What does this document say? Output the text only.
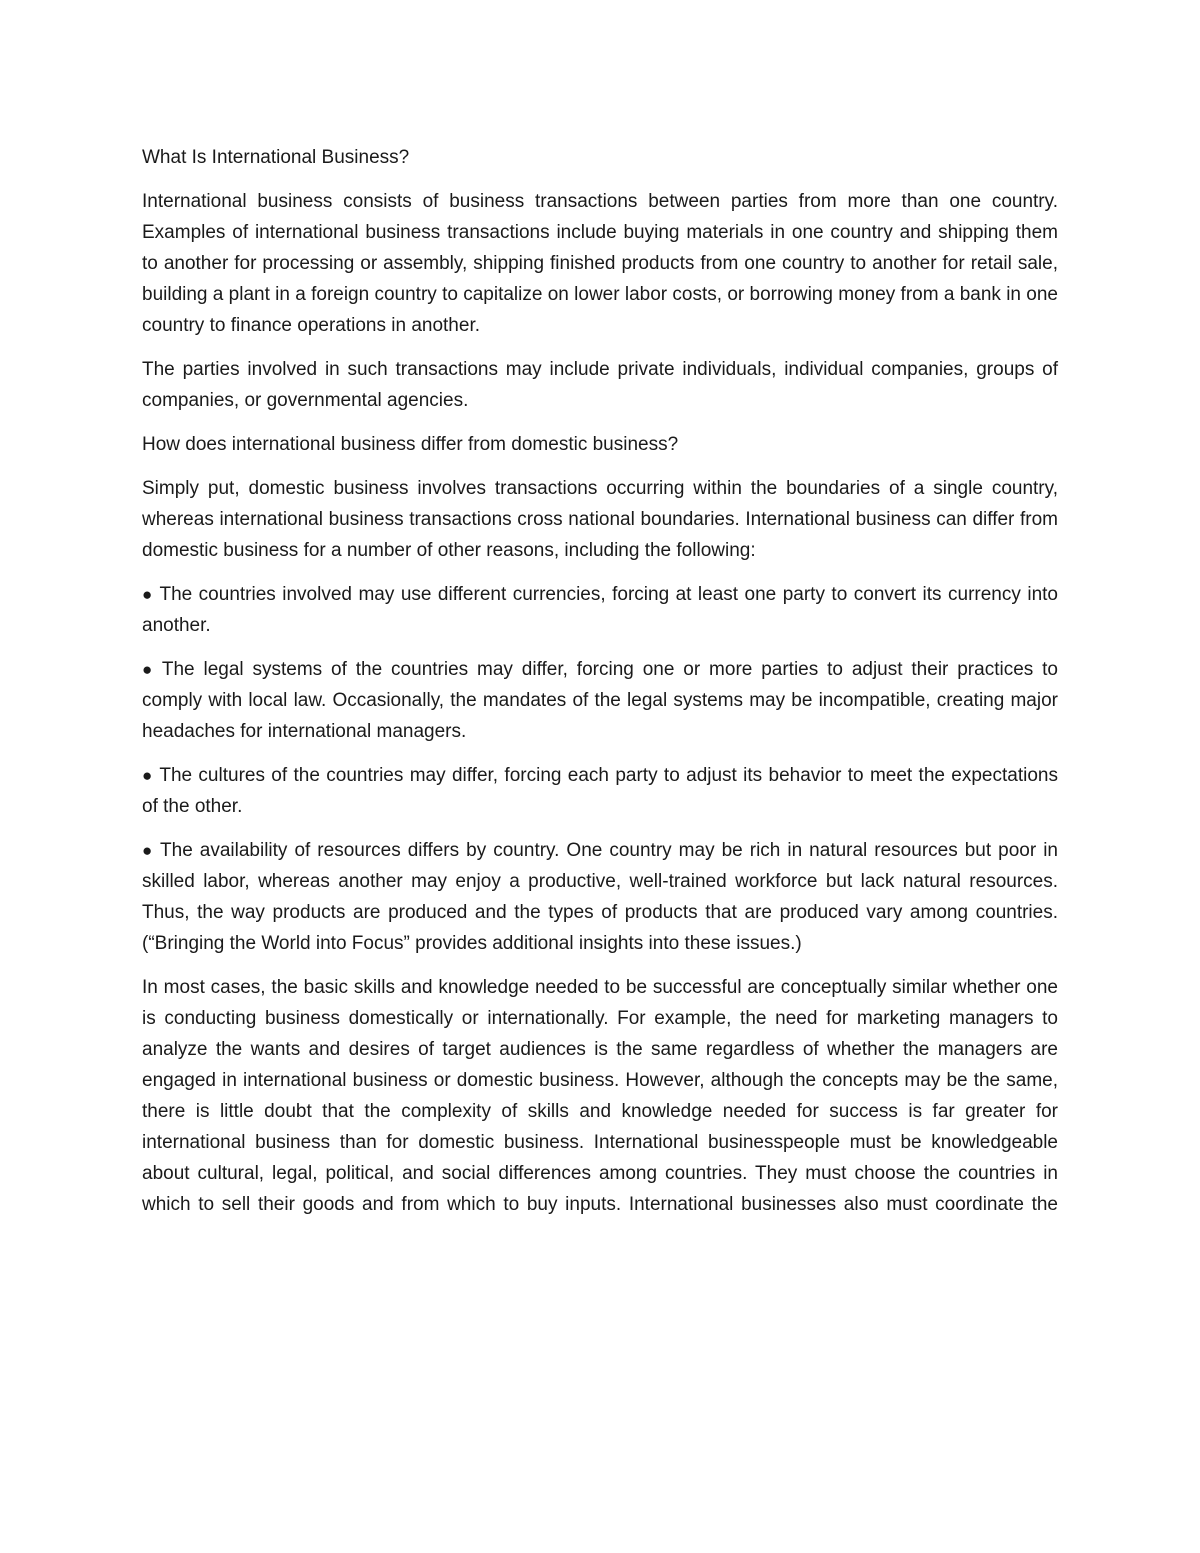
What Is International Business?

International business consists of business transactions between parties from more than one country. Examples of international business transactions include buying materials in one country and shipping them to another for processing or assembly, shipping finished products from one country to another for retail sale, building a plant in a foreign country to capitalize on lower labor costs, or borrowing money from a bank in one country to finance operations in another.

The parties involved in such transactions may include private individuals, individual companies, groups of companies, or governmental agencies.

How does international business differ from domestic business?

Simply put, domestic business involves transactions occurring within the boundaries of a single country, whereas international business transactions cross national boundaries. International business can differ from domestic business for a number of other reasons, including the following:

● The countries involved may use different currencies, forcing at least one party to convert its currency into another.

● The legal systems of the countries may differ, forcing one or more parties to adjust their practices to comply with local law. Occasionally, the mandates of the legal systems may be incompatible, creating major headaches for international managers.

● The cultures of the countries may differ, forcing each party to adjust its behavior to meet the expectations of the other.

● The availability of resources differs by country. One country may be rich in natural resources but poor in skilled labor, whereas another may enjoy a productive, well-trained workforce but lack natural resources. Thus, the way products are produced and the types of products that are produced vary among countries. (“Bringing the World into Focus” provides additional insights into these issues.)

In most cases, the basic skills and knowledge needed to be successful are conceptually similar whether one is conducting business domestically or internationally. For example, the need for marketing managers to analyze the wants and desires of target audiences is the same regardless of whether the managers are engaged in international business or domestic business. However, although the concepts may be the same, there is little doubt that the complexity of skills and knowledge needed for success is far greater for international business than for domestic business. International businesspeople must be knowledgeable about cultural, legal, political, and social differences among countries. They must choose the countries in which to sell their goods and from which to buy inputs. International businesses also must coordinate the
